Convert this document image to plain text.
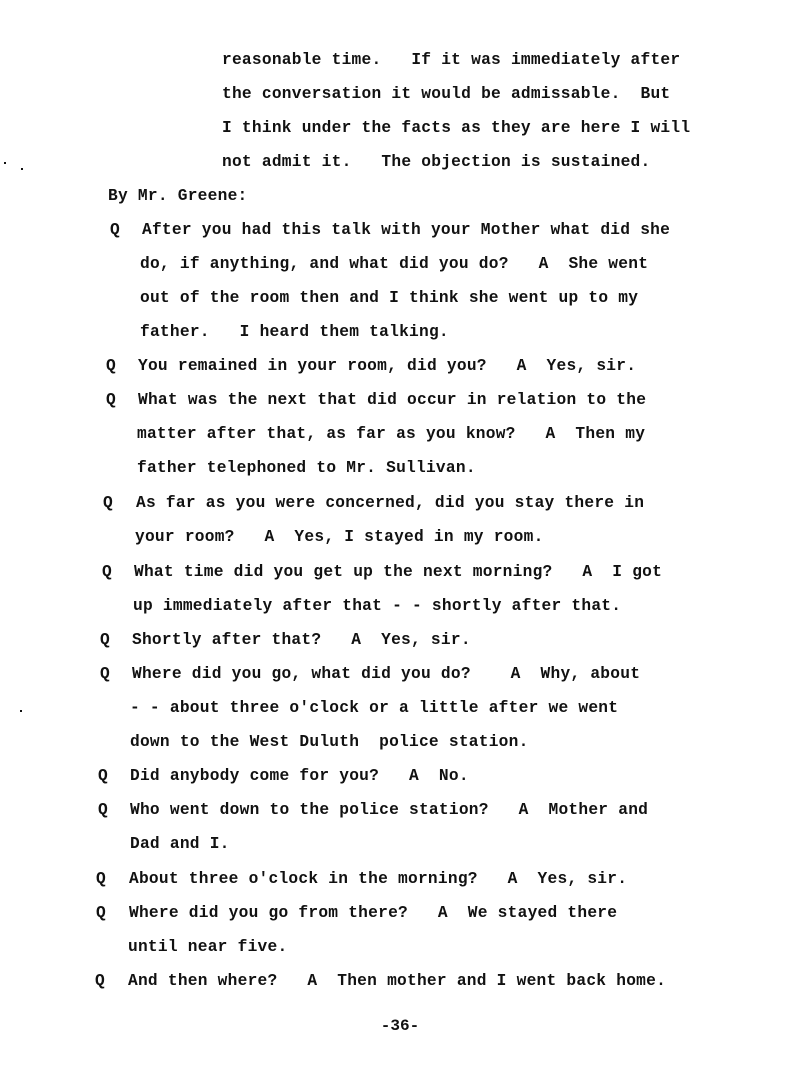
reasonable time.   If it was immediately after
the conversation it would be admissable.  But
I think under the facts as they are here I will
not admit it.   The objection is sustained.
By Mr. Greene:
Q After you had this talk with your Mother what did she
do, if anything, and what did you do?   A  She went
out of the room then and I think she went up to my
father.   I heard them talking.
Q You remained in your room, did you?   A  Yes, sir.
Q What was the next that did occur in relation to the
matter after that, as far as you know?   A  Then my
father telephoned to Mr. Sullivan.
Q As far as you were concerned, did you stay there in
your room?   A  Yes, I stayed in my room.
Q What time did you get up the next morning?   A  I got
up immediately after that - - shortly after that.
Q Shortly after that?   A  Yes, sir.
Q Where did you go, what did you do?    A  Why, about
- - about three o'clock or a little after we went
down to the West Duluth  police station.
Q Did anybody come for you?   A  No.
Q Who went down to the police station?   A  Mother and
Dad and I.
Q About three o'clock in the morning?   A  Yes, sir.
Q Where did you go from there?   A  We stayed there
until near five.
Q And then where?   A  Then mother and I went back home.
-36-
